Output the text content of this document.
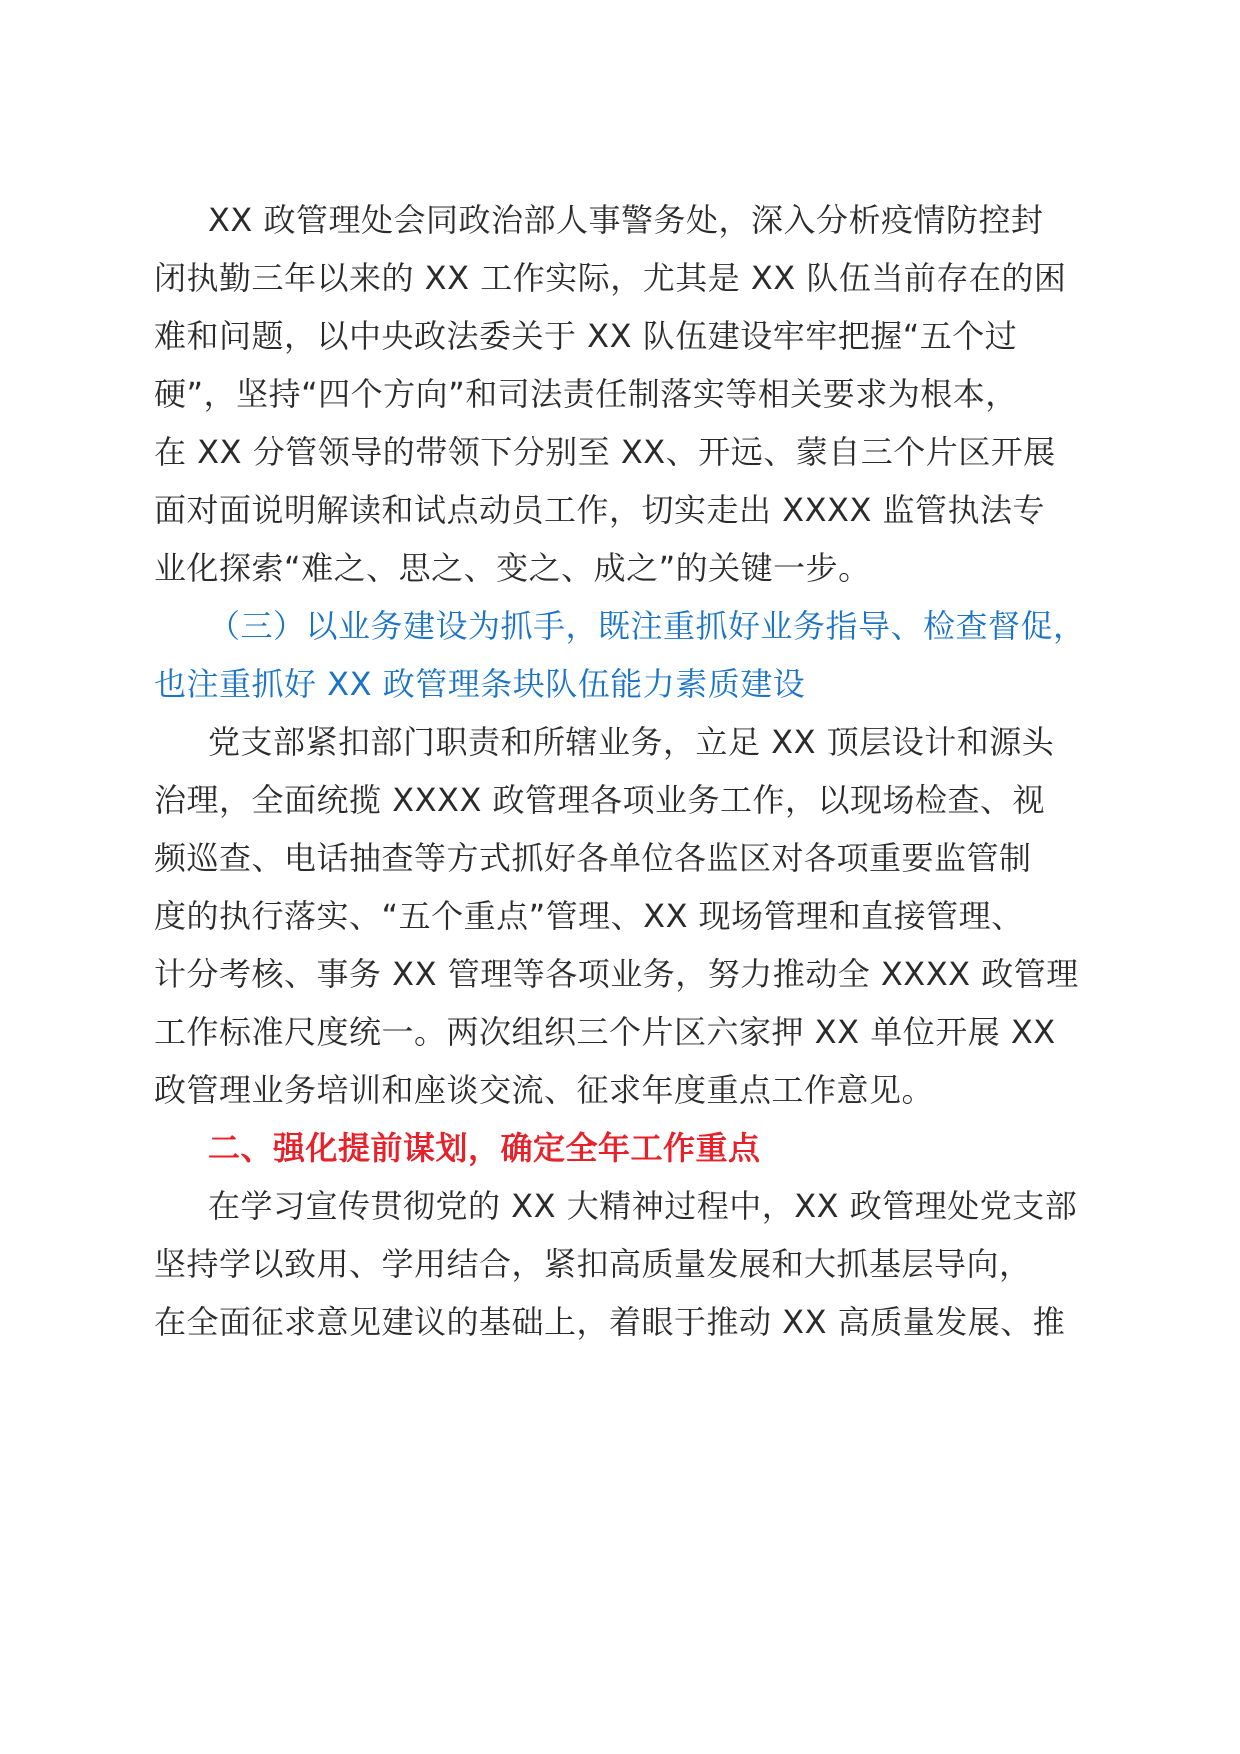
XX 政管理处会同政治部人事警务处，深入分析疫情防控封
闭执勤三年以来的 XX 工作实际，尤其是 XX 队伍当前存在的困
难和问题，以中央政法委关于 XX 队伍建设牢牢把握“五个过
硬”，坚持“四个方向”和司法责任制落实等相关要求为根本，
在 XX 分管领导的带领下分别至 XX、开远、蒙自三个片区开展
面对面说明解读和试点动员工作，切实走出 XXXX 监管执法专
业化探索“难之、思之、变之、成之”的关键一步。
（三）以业务建设为抓手，既注重抓好业务指导、检查督促，
也注重抓好 XX 政管理条块队伍能力素质建设
党支部紧扣部门职责和所辖业务，立足 XX 顶层设计和源头
治理，全面统揽 XXXX 政管理各项业务工作，以现场检查、视
频巡查、电话抽查等方式抓好各单位各监区对各项重要监管制
度的执行落实、“五个重点”管理、XX 现场管理和直接管理、
计分考核、事务 XX 管理等各项业务，努力推动全 XXXX 政管理
工作标准尺度统一。两次组织三个片区六家押 XX 单位开展 XX
政管理业务培训和座谈交流、征求年度重点工作意见。
二、强化提前谋划，确定全年工作重点
在学习宣传贯彻党的 XX 大精神过程中，XX 政管理处党支部
坚持学以致用、学用结合，紧扣高质量发展和大抓基层导向，
在全面征求意见建议的基础上，着眼于推动 XX 高质量发展、推
